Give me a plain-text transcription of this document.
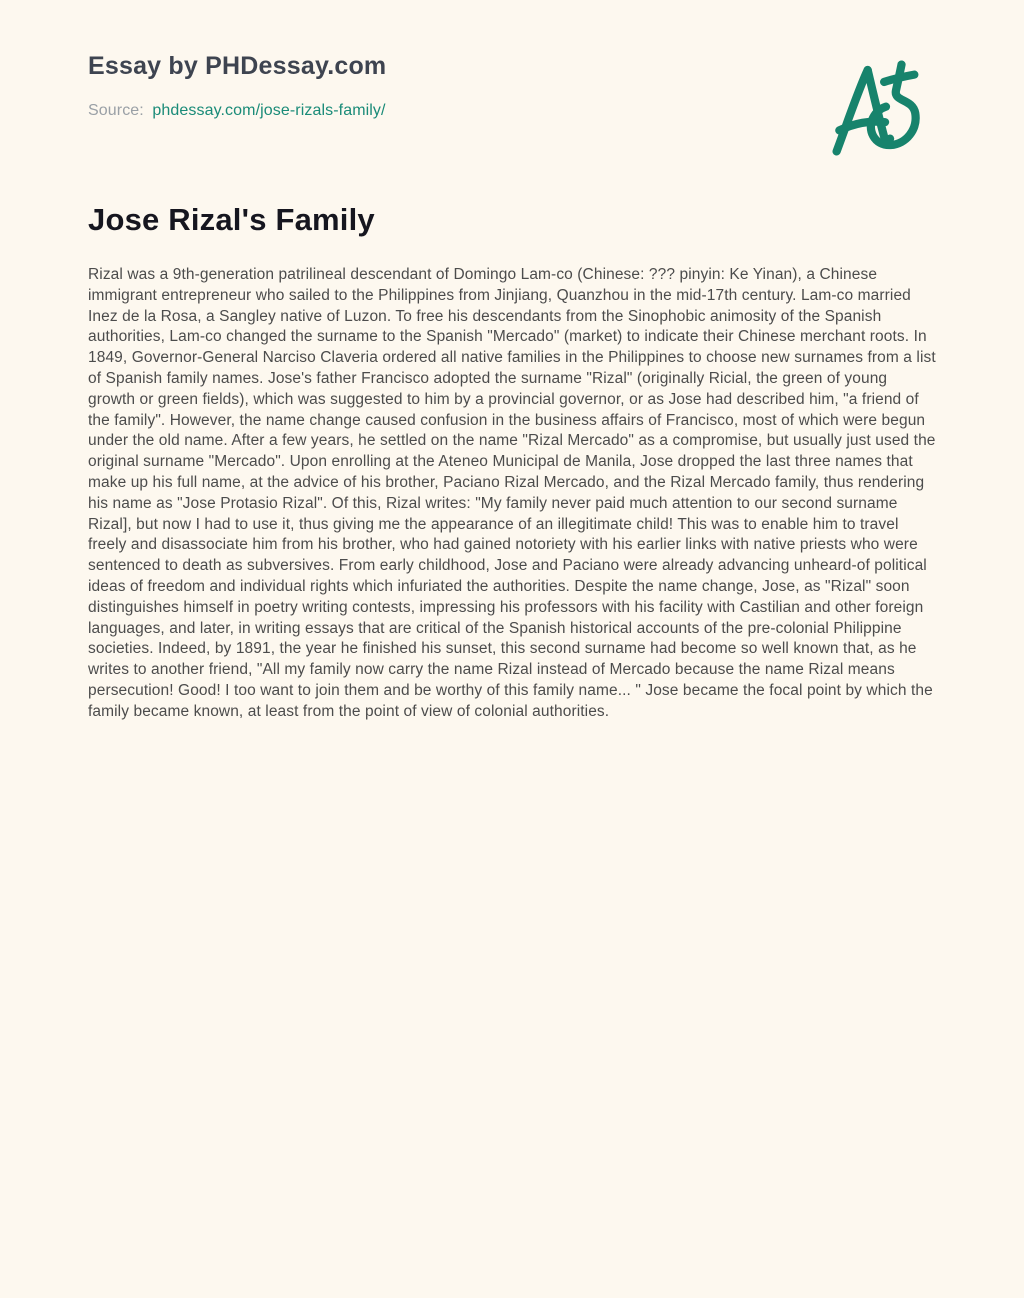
Essay by PHDessay.com

Source: phdessay.com/jose-rizals-family/

Jose Rizal's Family

Rizal was a 9th-generation patrilineal descendant of Domingo Lam-co (Chinese: ??? pinyin: Ke Yinan), a Chinese immigrant entrepreneur who sailed to the Philippines from Jinjiang, Quanzhou in the mid-17th century. Lam-co married Inez de la Rosa, a Sangley native of Luzon. To free his descendants from the Sinophobic animosity of the Spanish authorities, Lam-co changed the surname to the Spanish "Mercado" (market) to indicate their Chinese merchant roots. In 1849, Governor-General Narciso Claveria ordered all native families in the Philippines to choose new surnames from a list of Spanish family names. Jose's father Francisco adopted the surname "Rizal" (originally Ricial, the green of young growth or green fields), which was suggested to him by a provincial governor, or as Jose had described him, "a friend of the family". However, the name change caused confusion in the business affairs of Francisco, most of which were begun under the old name. After a few years, he settled on the name "Rizal Mercado" as a compromise, but usually just used the original surname "Mercado". Upon enrolling at the Ateneo Municipal de Manila, Jose dropped the last three names that make up his full name, at the advice of his brother, Paciano Rizal Mercado, and the Rizal Mercado family, thus rendering his name as "Jose Protasio Rizal". Of this, Rizal writes: "My family never paid much attention to our second surname Rizal], but now I had to use it, thus giving me the appearance of an illegitimate child! This was to enable him to travel freely and disassociate him from his brother, who had gained notoriety with his earlier links with native priests who were sentenced to death as subversives. From early childhood, Jose and Paciano were already advancing unheard-of political ideas of freedom and individual rights which infuriated the authorities. Despite the name change, Jose, as "Rizal" soon distinguishes himself in poetry writing contests, impressing his professors with his facility with Castilian and other foreign languages, and later, in writing essays that are critical of the Spanish historical accounts of the pre-colonial Philippine societies. Indeed, by 1891, the year he finished his sunset, this second surname had become so well known that, as he writes to another friend, "All my family now carry the name Rizal instead of Mercado because the name Rizal means persecution! Good! I too want to join them and be worthy of this family name... " Jose became the focal point by which the family became known, at least from the point of view of colonial authorities.
